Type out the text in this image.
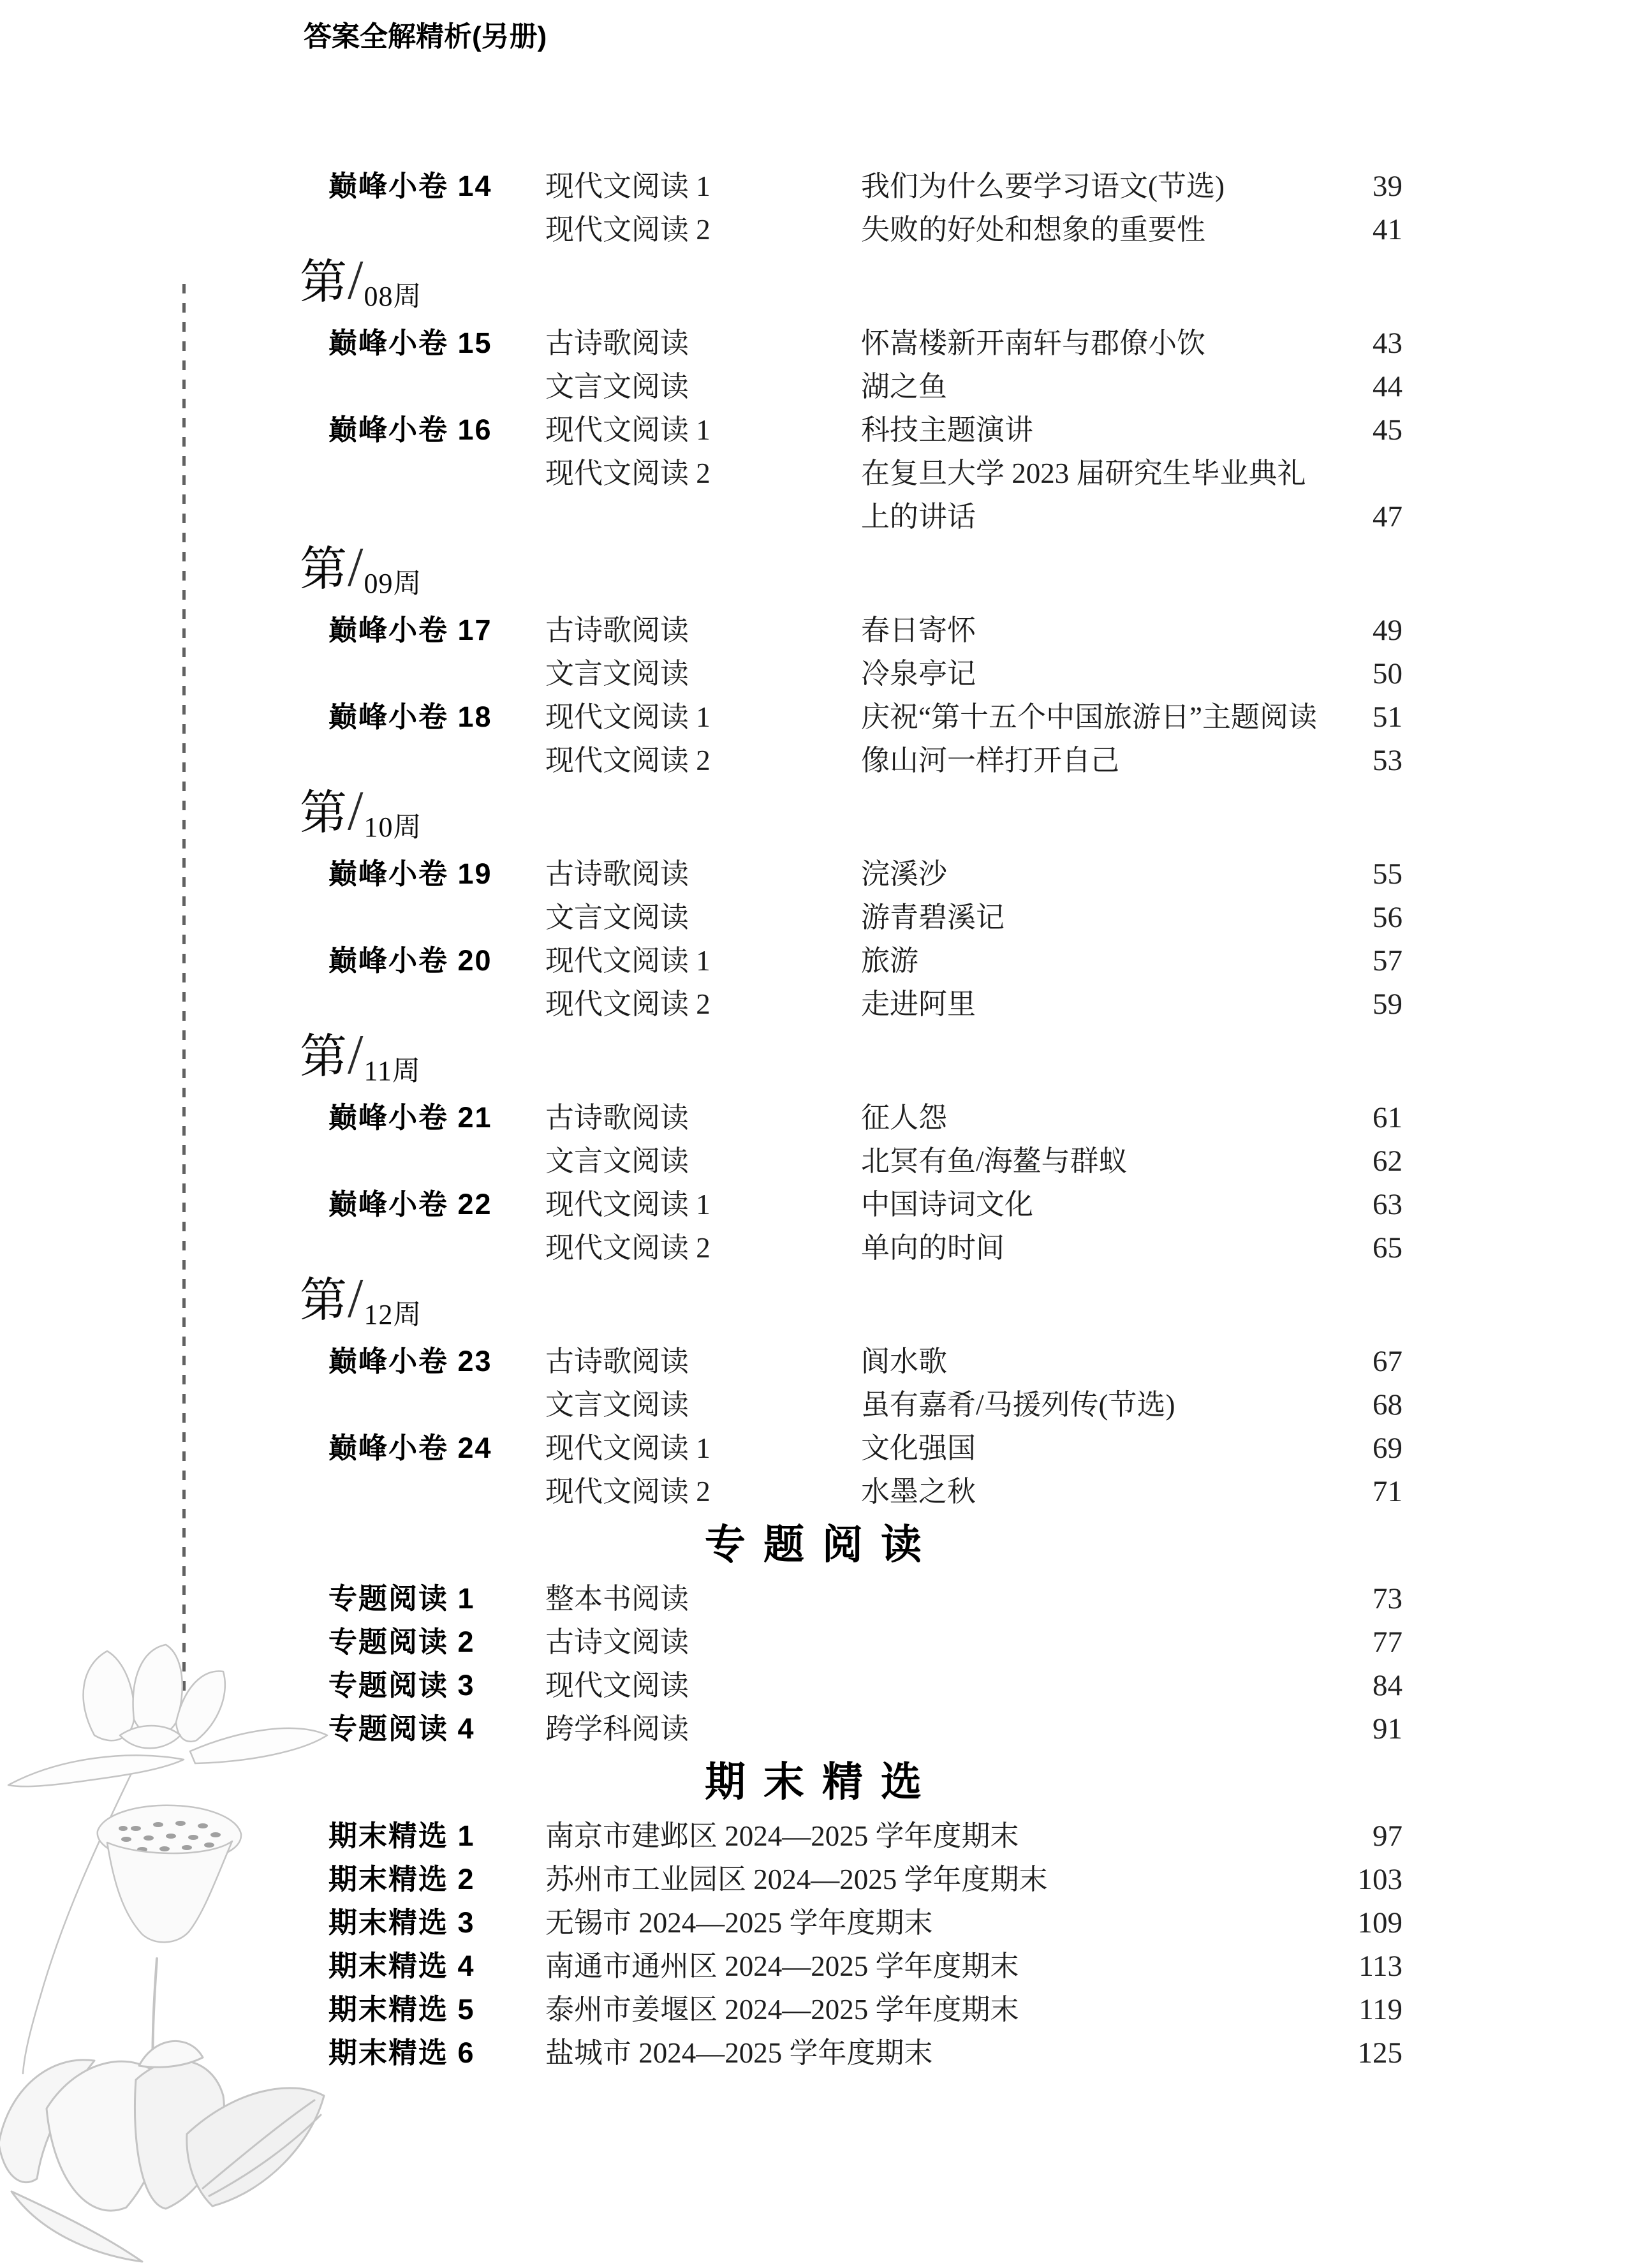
巅峰小卷 14 现代文阅读 1	我们为什么要学习语文(节选)	39
现代文阅读 2	失败的好处和想象的重要性	41
第/08周
巅峰小卷 15 古诗歌阅读	怀嵩楼新开南轩与郡僚小饮	43
文言文阅读	湖之鱼	44
巅峰小卷 16 现代文阅读 1	科技主题演讲	45
现代文阅读 2	在复旦大学 2023 届研究生毕业典礼
上的讲话	47
第/09周
巅峰小卷 17 古诗歌阅读	春日寄怀	49
文言文阅读	冷泉亭记	50
巅峰小卷 18 现代文阅读 1	庆祝“第十五个中国旅游日”主题阅读 51
现代文阅读 2	像山河一样打开自己	53
第/10周
巅峰小卷 19 古诗歌阅读	浣溪沙	55
文言文阅读	游青碧溪记	56
巅峰小卷 20 现代文阅读 1	旅游	57
现代文阅读 2	走进阿里	59
第/11周
巅峰小卷 21 古诗歌阅读	征人怨	61
文言文阅读	北冥有鱼/海鳌与群蚁	62
巅峰小卷 22 现代文阅读 1	中国诗词文化	63
现代文阅读 2	单向的时间	65
第/12周
巅峰小卷 23 古诗歌阅读	阆水歌	67
文言文阅读	虽有嘉肴/马援列传(节选)	68
巅峰小卷 24 现代文阅读 1	文化强国	69
现代文阅读 2	水墨之秋	71
专题阅读
专题阅读 1 整本书阅读	73
专题阅读 2 古诗文阅读	77
专题阅读 3 现代文阅读	84
专题阅读 4 跨学科阅读	91
期末精选
期末精选 1 南京市建邺区 2024—2025 学年度期末	97
期末精选 2 苏州市工业园区 2024—2025 学年度期末	103
期末精选 3 无锡市 2024—2025 学年度期末	109
期末精选 4 南通市通州区 2024—2025 学年度期末	113
期末精选 5 泰州市姜堰区 2024—2025 学年度期末	119
期末精选 6 盐城市 2024—2025 学年度期末	125
答案全解精析(另册)
